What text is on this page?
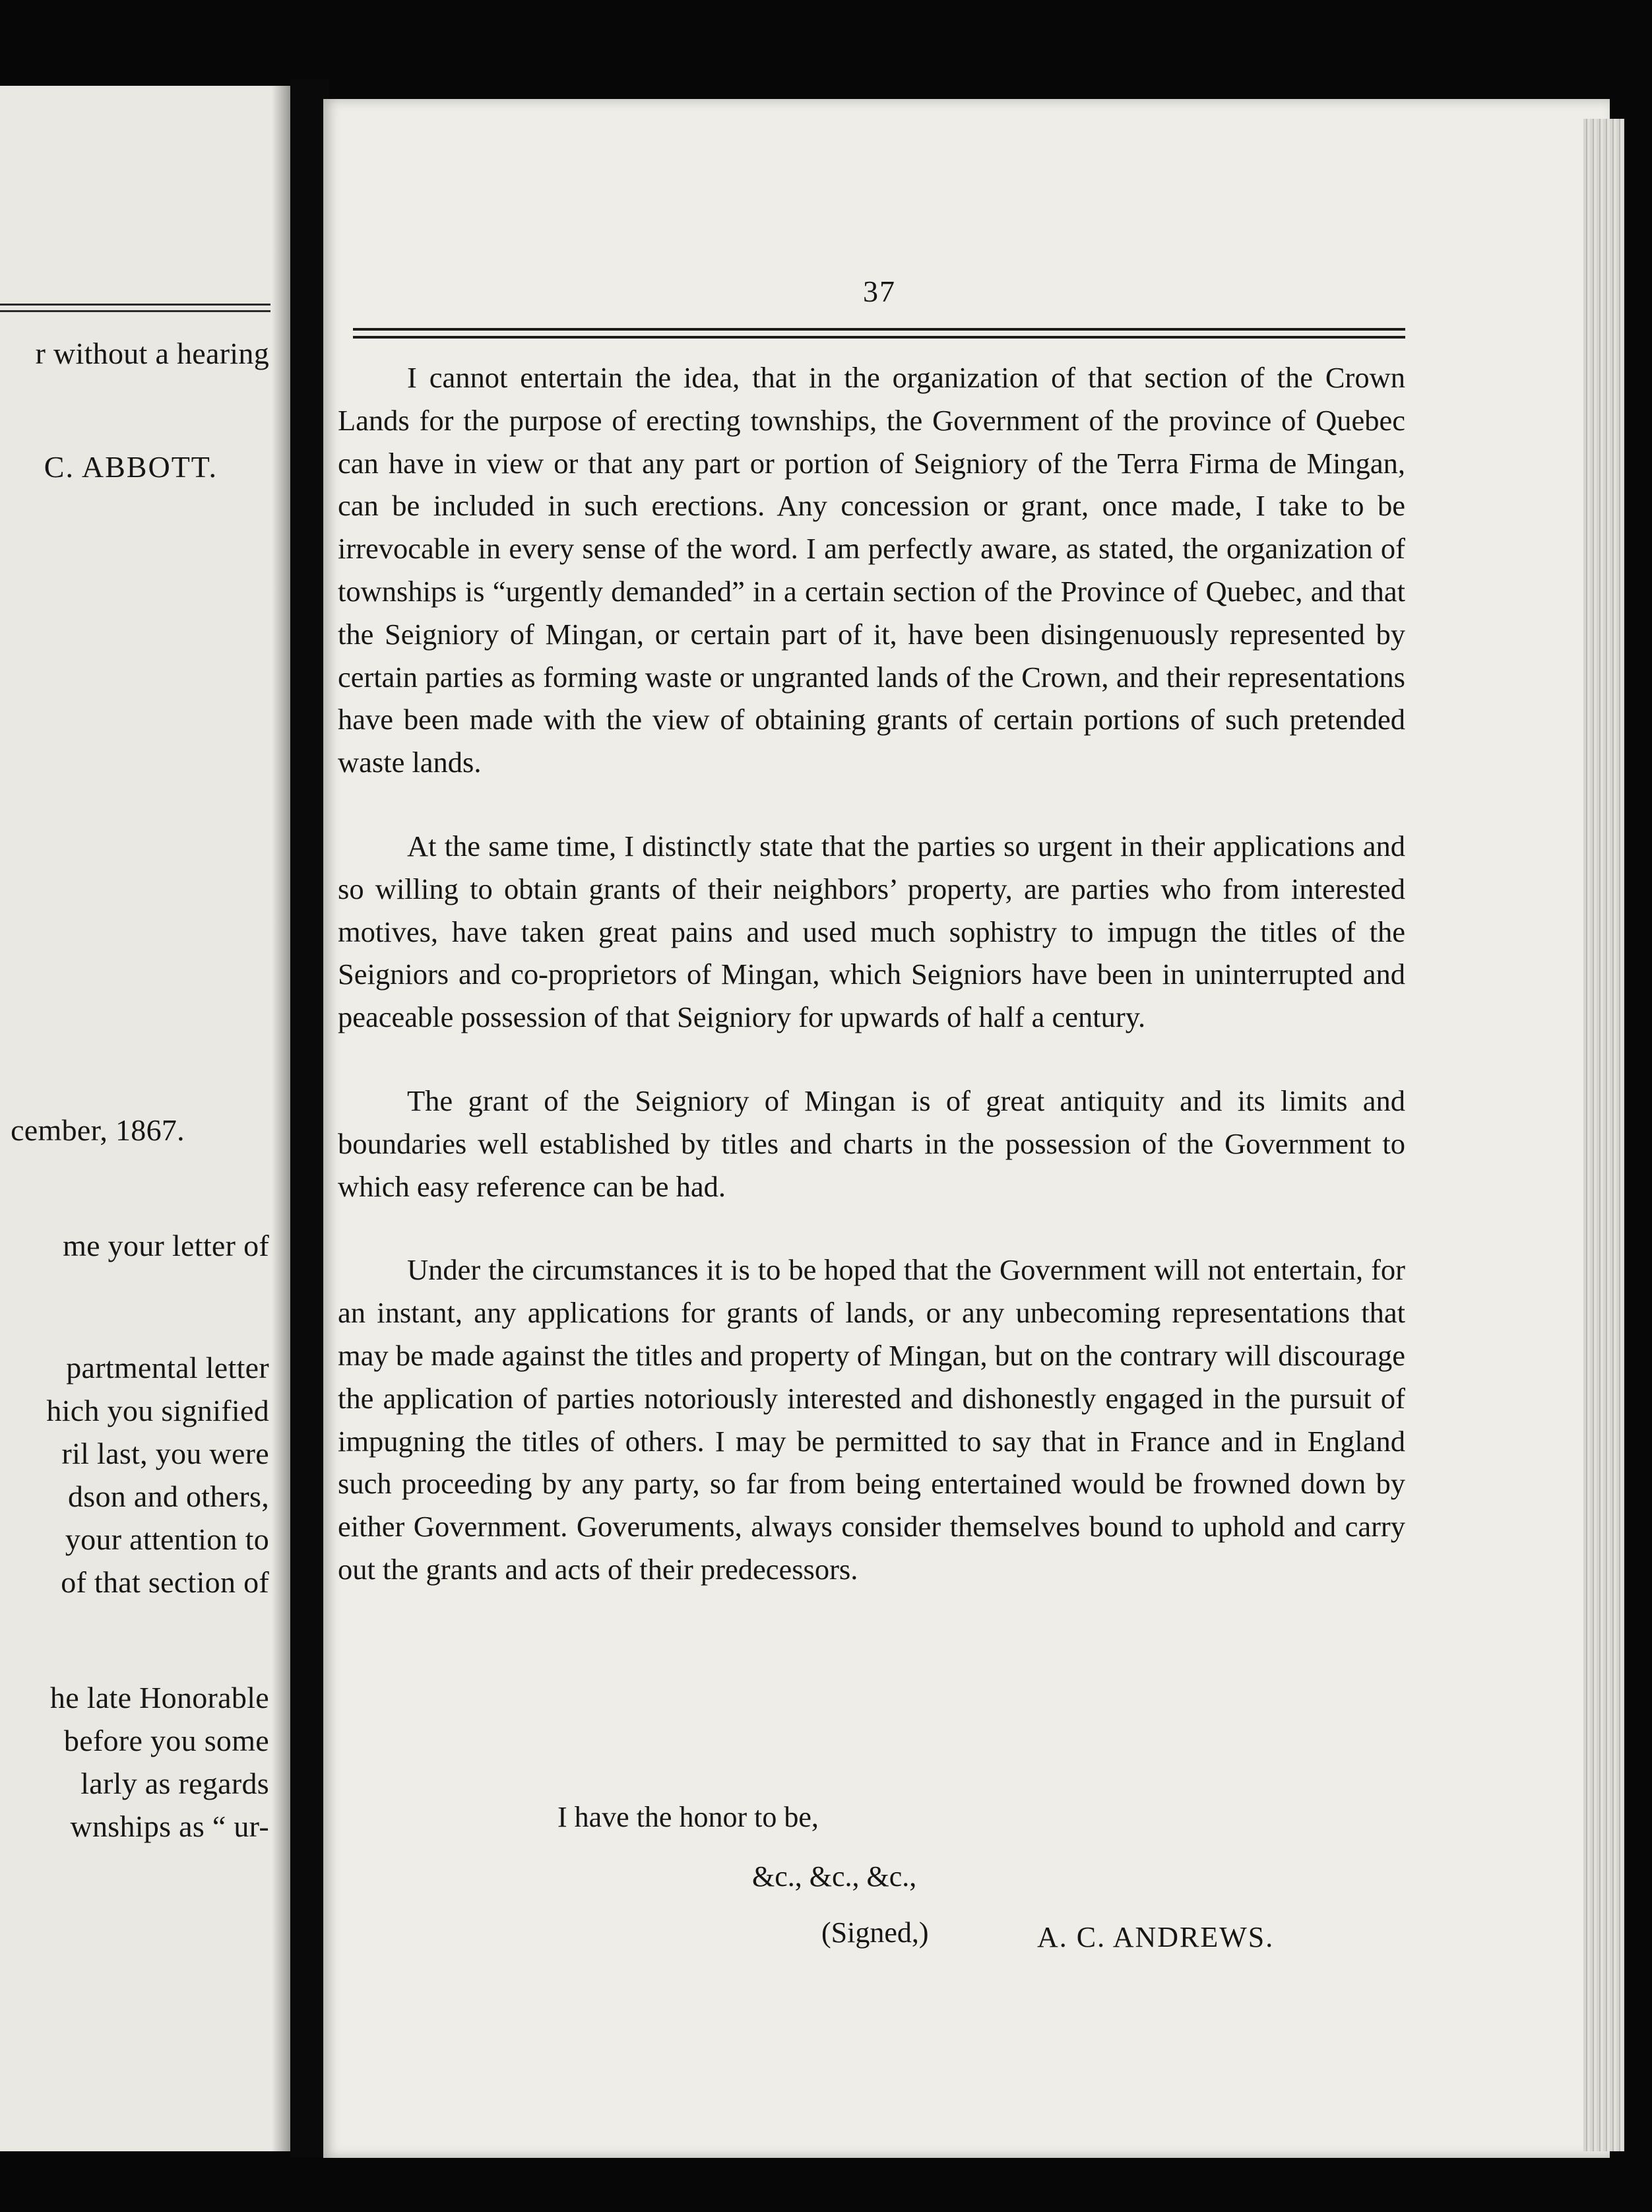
r without a hearing
C. ABBOTT.
cember, 1867.
me your letter of
partmental letter
hich you signified
ril last, you were
dson and others,
your attention to
of that section of
he late Honorable
before you some
larly as regards
wnships as “ ur-
37

I cannot entertain the idea, that in the organization of that section of the Crown Lands for the purpose of erecting townships, the Government of the province of Quebec can have in view or that any part or portion of Seigniory of the Terra Firma de Mingan, can be included in such erections. Any concession or grant, once made, I take to be irrevocable in every sense of the word. I am perfectly aware, as stated, the organization of townships is “urgently demanded” in a certain section of the Province of Quebec, and that the Seigniory of Mingan, or certain part of it, have been disingenuously represented by certain parties as forming waste or ungranted lands of the Crown, and their representations have been made with the view of obtaining grants of certain portions of such pretended waste lands.

At the same time, I distinctly state that the parties so urgent in their applications and so willing to obtain grants of their neighbors’ property, are parties who from interested motives, have taken great pains and used much sophistry to impugn the titles of the Seigniors and co-proprietors of Mingan, which Seigniors have been in uninterrupted and peaceable possession of that Seigniory for upwards of half a century.

The grant of the Seigniory of Mingan is of great antiquity and its limits and boundaries well established by titles and charts in the possession of the Government to which easy reference can be had.

Under the circumstances it is to be hoped that the Government will not entertain, for an instant, any applications for grants of lands, or any unbecoming representations that may be made against the titles and property of Mingan, but on the contrary will discourage the application of parties notoriously interested and dishonestly engaged in the pursuit of impugning the titles of others. I may be permitted to say that in France and in England such proceeding by any party, so far from being entertained would be frowned down by either Government. Goveruments, always consider themselves bound to uphold and carry out the grants and acts of their predecessors.

I have the honor to be,
&c., &c., &c.,
(Signed,)	A. C. ANDREWS.
